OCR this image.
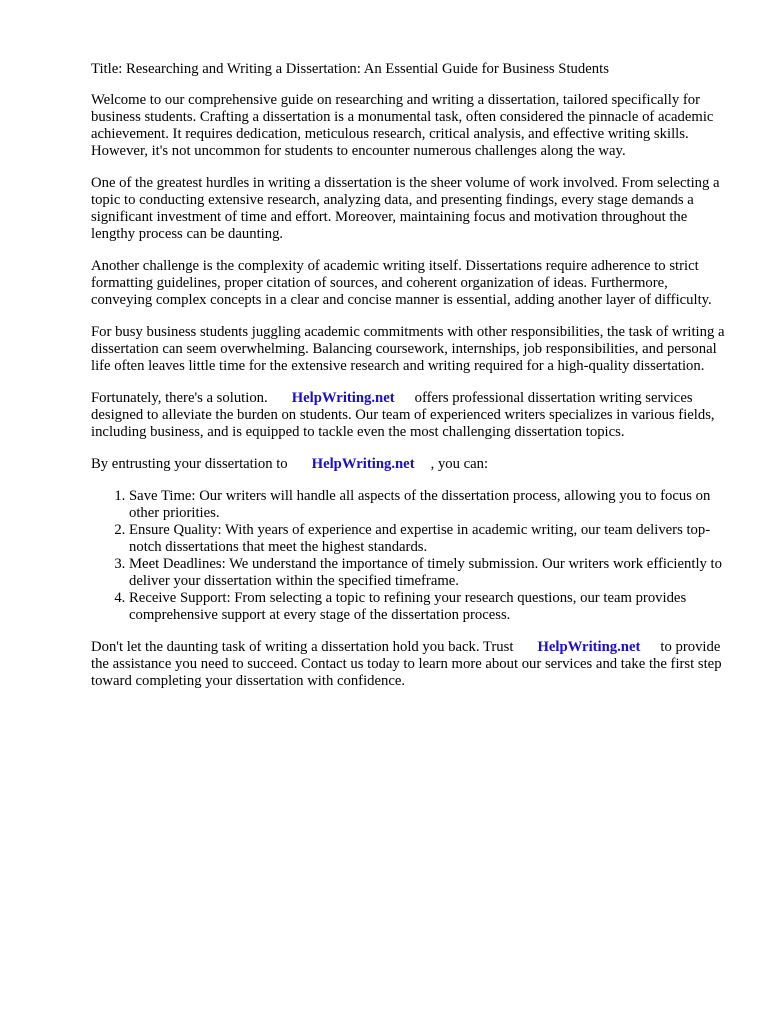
Title: Researching and Writing a Dissertation: An Essential Guide for Business Students

Welcome to our comprehensive guide on researching and writing a dissertation, tailored specifically for business students. Crafting a dissertation is a monumental task, often considered the pinnacle of academic achievement. It requires dedication, meticulous research, critical analysis, and effective writing skills. However, it's not uncommon for students to encounter numerous challenges along the way.

One of the greatest hurdles in writing a dissertation is the sheer volume of work involved. From selecting a topic to conducting extensive research, analyzing data, and presenting findings, every stage demands a significant investment of time and effort. Moreover, maintaining focus and motivation throughout the lengthy process can be daunting.

Another challenge is the complexity of academic writing itself. Dissertations require adherence to strict formatting guidelines, proper citation of sources, and coherent organization of ideas. Furthermore, conveying complex concepts in a clear and concise manner is essential, adding another layer of difficulty.

For busy business students juggling academic commitments with other responsibilities, the task of writing a dissertation can seem overwhelming. Balancing coursework, internships, job responsibilities, and personal life often leaves little time for the extensive research and writing required for a high-quality dissertation.

Fortunately, there's a solution. HelpWriting.net offers professional dissertation writing services designed to alleviate the burden on students. Our team of experienced writers specializes in various fields, including business, and is equipped to tackle even the most challenging dissertation topics.

By entrusting your dissertation to HelpWriting.net , you can:

1. Save Time: Our writers will handle all aspects of the dissertation process, allowing you to focus on other priorities.
2. Ensure Quality: With years of experience and expertise in academic writing, our team delivers top-notch dissertations that meet the highest standards.
3. Meet Deadlines: We understand the importance of timely submission. Our writers work efficiently to deliver your dissertation within the specified timeframe.
4. Receive Support: From selecting a topic to refining your research questions, our team provides comprehensive support at every stage of the dissertation process.

Don't let the daunting task of writing a dissertation hold you back. Trust HelpWriting.net to provide the assistance you need to succeed. Contact us today to learn more about our services and take the first step toward completing your dissertation with confidence.
